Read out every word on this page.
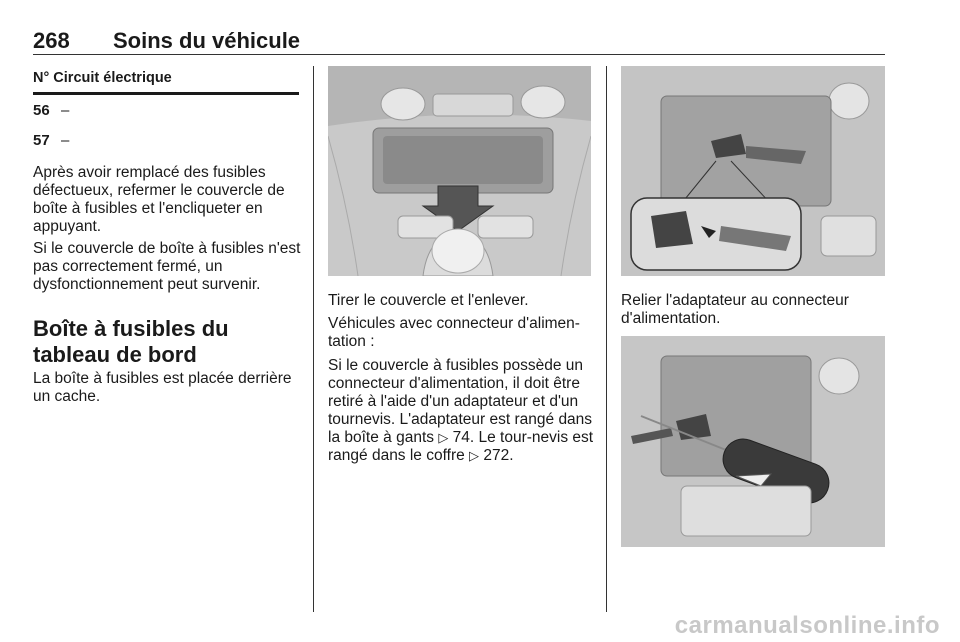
268 Soins du véhicule
N° Circuit électrique
56 –
57 –
Après avoir remplacé des fusibles défectueux, refermer le couvercle de boîte à fusibles et l'encliqueter en appuyant.
Si le couvercle de boîte à fusibles n'est pas correctement fermé, un dysfonctionnement peut survenir.
Boîte à fusibles du tableau de bord
La boîte à fusibles est placée derrière un cache.
Tirer le couvercle et l'enlever.
Véhicules avec connecteur d'alimen-tation :
Si le couvercle à fusibles possède un connecteur d'alimentation, il doit être retiré à l'aide d'un adaptateur et d'un tournevis. L'adaptateur est rangé dans la boîte à gants ▷ 74. Le tour-nevis est rangé dans le coffre ▷ 272.
Relier l'adaptateur au connecteur d'alimentation.
carmanualsonline.info
